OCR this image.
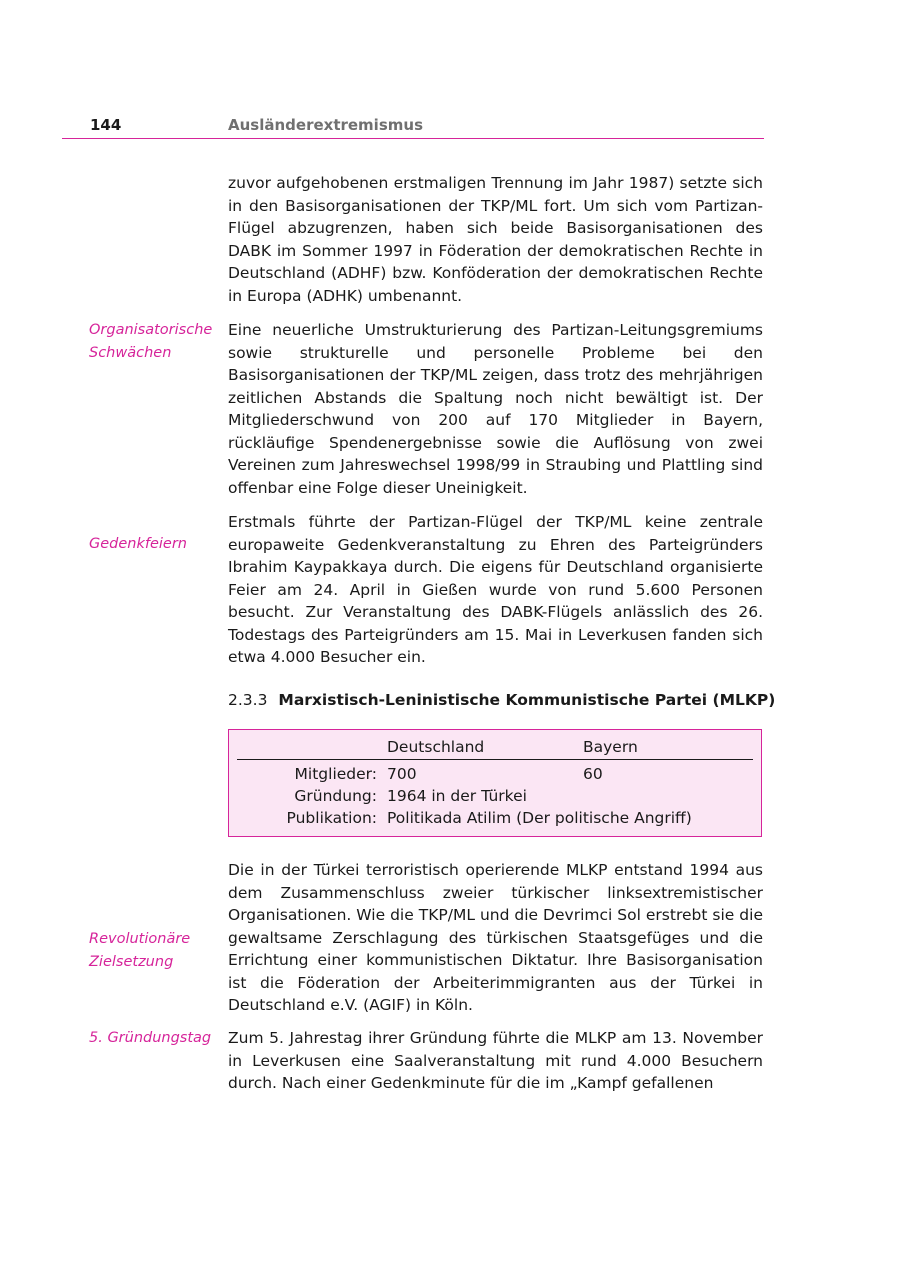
144	Ausländerextremismus

zuvor aufgehobenen erstmaligen Trennung im Jahr 1987) setzte sich in den Basisorganisationen der TKP/ML fort. Um sich vom Partizan-Flügel abzugrenzen, haben sich beide Basisorganisationen des DABK im Sommer 1997 in Föderation der demokratischen Rechte in Deutschland (ADHF) bzw. Konföderation der demokratischen Rechte in Europa (ADHK) umbenannt.

Organisatorische Schwächen

Eine neuerliche Umstrukturierung des Partizan-Leitungsgremiums sowie strukturelle und personelle Probleme bei den Basisorganisationen der TKP/ML zeigen, dass trotz des mehrjährigen zeitlichen Abstands die Spaltung noch nicht bewältigt ist. Der Mitgliederschwund von 200 auf 170 Mitglieder in Bayern, rückläufige Spendenergebnisse sowie die Auflösung von zwei Vereinen zum Jahreswechsel 1998/99 in Straubing und Plattling sind offenbar eine Folge dieser Uneinigkeit.

Gedenkfeiern

Erstmals führte der Partizan-Flügel der TKP/ML keine zentrale europaweite Gedenkveranstaltung zu Ehren des Parteigründers Ibrahim Kaypakkaya durch. Die eigens für Deutschland organisierte Feier am 24. April in Gießen wurde von rund 5.600 Personen besucht. Zur Veranstaltung des DABK-Flügels anlässlich des 26. Todestags des Parteigründers am 15. Mai in Leverkusen fanden sich etwa 4.000 Besucher ein.

2.3.3 Marxistisch-Leninistische Kommunistische Partei (MLKP)
Deutschland	Bayern
Mitglieder: 700	60
Gründung: 1964 in der Türkei
Publikation: Politikada Atilim (Der politische Angriff)

Die in der Türkei terroristisch operierende MLKP entstand 1994 aus dem Zusammenschluss zweier türkischer linksextremistischer Organisationen. Wie die TKP/ML und die Devrimci Sol erstrebt sie die gewaltsame Zerschlagung des türkischen Staatsgefüges und die Errichtung einer kommunistischen Diktatur. Ihre Basisorganisation ist die Föderation der Arbeiterimmigranten aus der Türkei in Deutschland e.V. (AGIF) in Köln.

Revolutionäre Zielsetzung
5. Gründungstag	Zum 5. Jahrestag ihrer Gründung führte die MLKP am 13. November in Leverkusen eine Saalveranstaltung mit rund 4.000 Besuchern durch. Nach einer Gedenkminute für die im „Kampf gefallenen
